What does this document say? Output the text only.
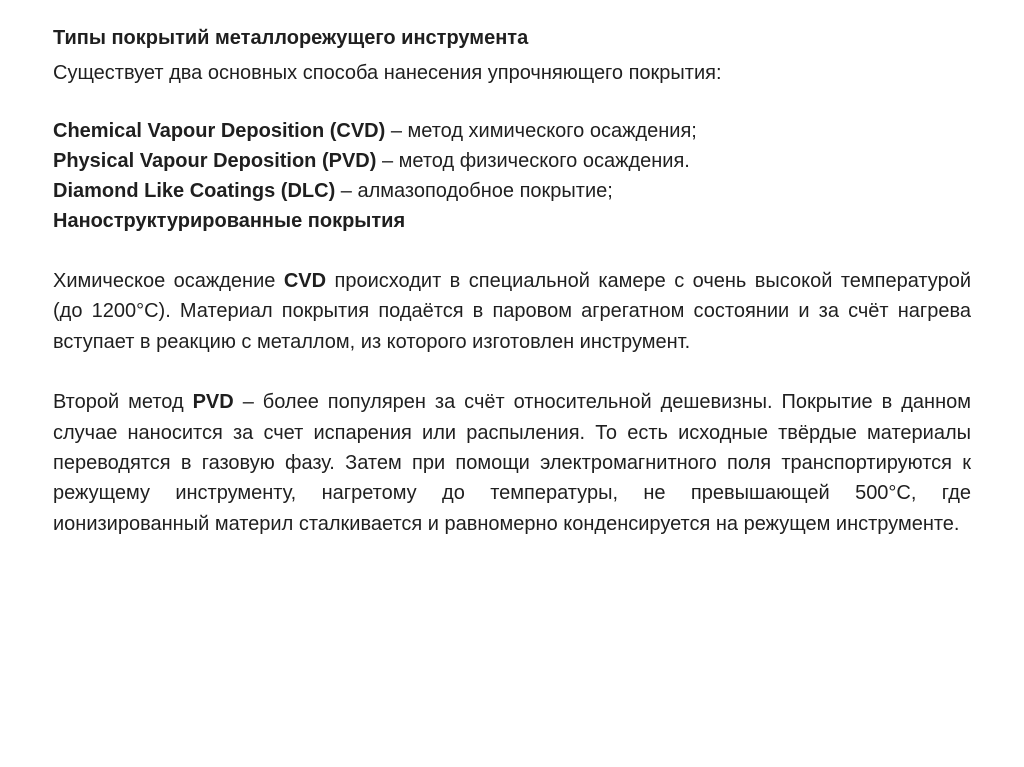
Типы покрытий металлорежущего инструмента

Существует два основных способа нанесения упрочняющего покрытия:

Chemical Vapour Deposition (CVD) – метод химического осаждения;
Physical Vapour Deposition (PVD) – метод физического осаждения.
Diamond Like Coatings (DLC) – алмазоподобное покрытие;
Наноструктурированные покрытия

Химическое осаждение CVD происходит в специальной камере с очень высокой температурой (до 1200°С). Материал покрытия подаётся в паровом агрегатном состоянии и за счёт нагрева вступает в реакцию с металлом, из которого изготовлен инструмент.

Второй метод PVD – более популярен за счёт относительной дешевизны. Покрытие в данном случае наносится за счет испарения или распыления. То есть исходные твёрдые материалы переводятся в газовую фазу. Затем при помощи электромагнитного поля транспортируются к режущему инструменту, нагретому до температуры, не превышающей 500°С, где ионизированный материл сталкивается и равномерно конденсируется на режущем инструменте.
